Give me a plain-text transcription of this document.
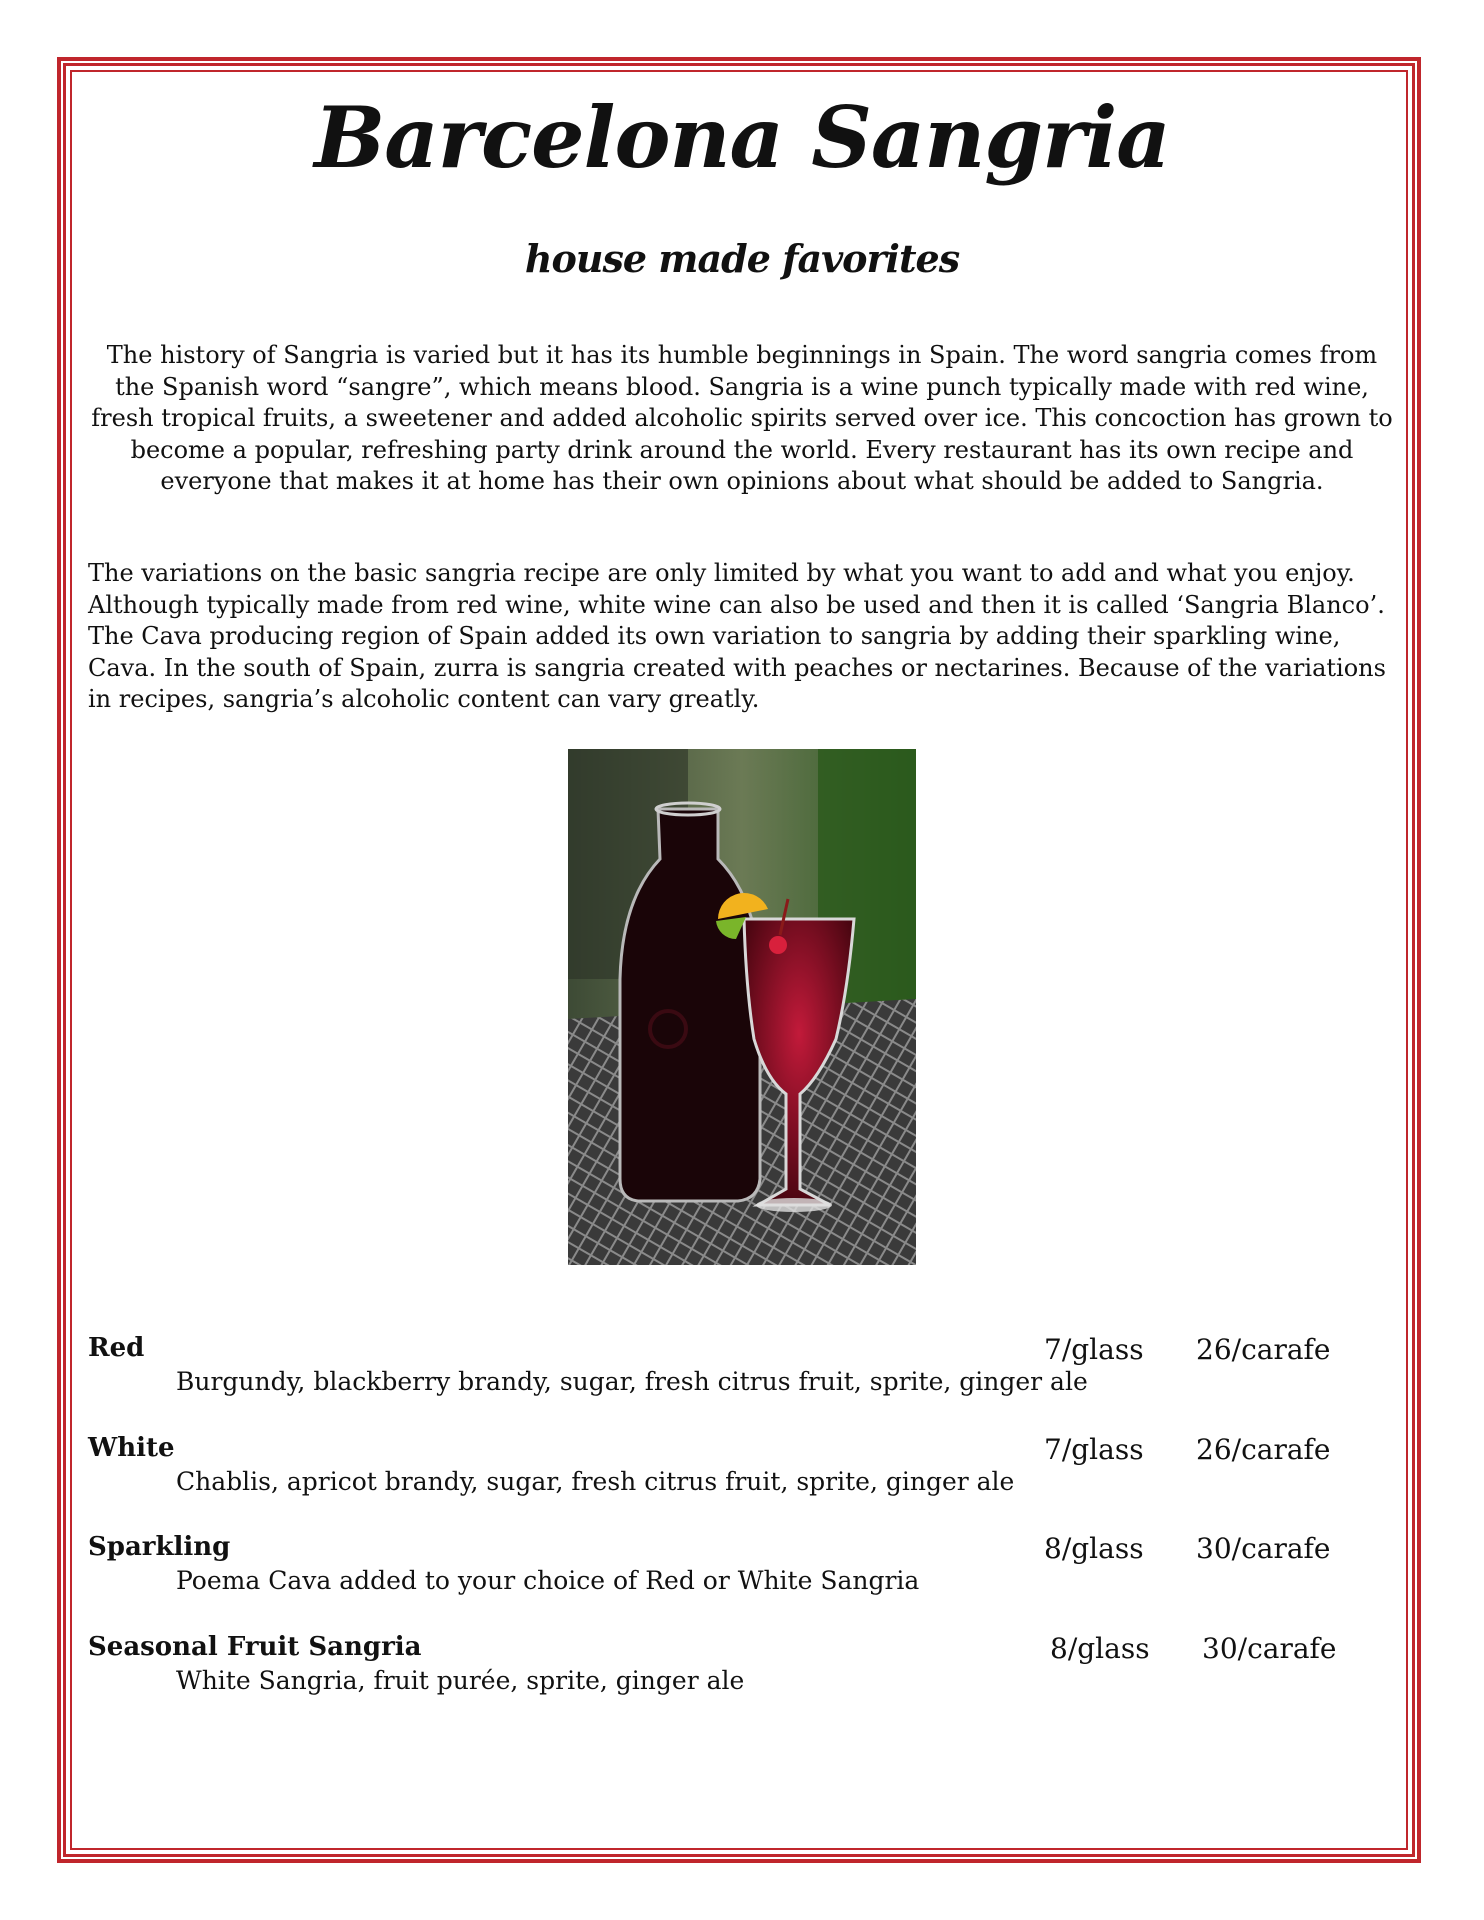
Barcelona Sangria
house made favorites

The history of Sangria is varied but it has its humble beginnings in Spain. The word sangria comes from the Spanish word “sangre”, which means blood. Sangria is a wine punch typically made with red wine, fresh tropical fruits, a sweetener and added alcoholic spirits served over ice. This concoction has grown to become a popular, refreshing party drink around the world. Every restaurant has its own recipe and everyone that makes it at home has their own opinions about what should be added to Sangria.

The variations on the basic sangria recipe are only limited by what you want to add and what you enjoy. Although typically made from red wine, white wine can also be used and then it is called ‘Sangria Blanco’. The Cava producing region of Spain added its own variation to sangria by adding their sparkling wine, Cava. In the south of Spain, zurra is sangria created with peaches or nectarines. Because of the variations in recipes, sangria’s alcoholic content can vary greatly.

Red	7/glass 26/carafe
Burgundy, blackberry brandy, sugar, fresh citrus fruit, sprite, ginger ale
White	7/glass 26/carafe
Chablis, apricot brandy, sugar, fresh citrus fruit, sprite, ginger ale
Sparkling	8/glass 30/carafe
Poema Cava added to your choice of Red or White Sangria
Seasonal Fruit Sangria	8/glass 30/carafe
White Sangria, fruit purée, sprite, ginger ale
